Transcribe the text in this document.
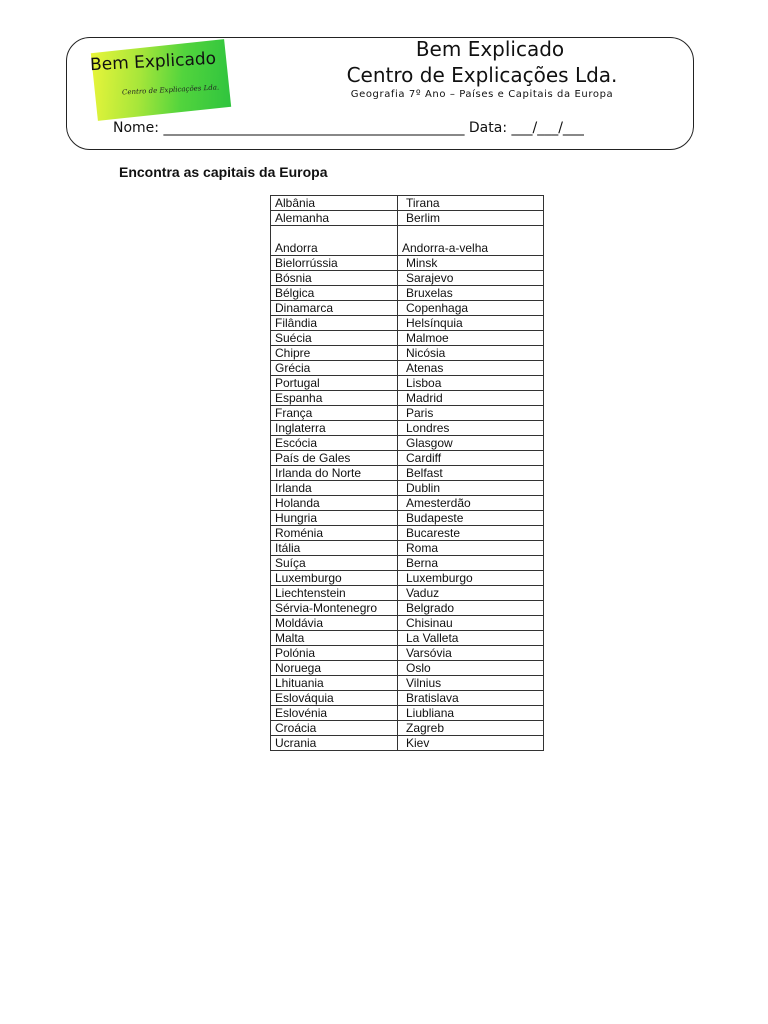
Bem Explicado
Centro de Explicações Lda.
Bem Explicado
Centro de Explicações Lda.
Geografia 7º Ano – Países e Capitais da Europa
Nome: ___________________________________________ Data: ___/___/___
Encontra as capitais da Europa
Albânia	Tirana
Alemanha	Berlim
Andorra	Andorra-a-velha
Bielorrússia	Minsk
Bósnia	Sarajevo
Bélgica	Bruxelas
Dinamarca	Copenhaga
Filândia	Helsínquia
Suécia	Malmoe
Chipre	Nicósia
Grécia	Atenas
Portugal	Lisboa
Espanha	Madrid
França	Paris
Inglaterra	Londres
Escócia	Glasgow
País de Gales	Cardiff
Irlanda do Norte	Belfast
Irlanda	Dublin
Holanda	Amesterdão
Hungria	Budapeste
Roménia	Bucareste
Itália	Roma
Suíça	Berna
Luxemburgo	Luxemburgo
Liechtenstein	Vaduz
Sérvia-Montenegro	Belgrado
Moldávia	Chisinau
Malta	La Valleta
Polónia	Varsóvia
Noruega	Oslo
Lhituania	Vilnius
Eslováquia	Bratislava
Eslovénia	Liubliana
Croácia	Zagreb
Ucrania	Kiev
